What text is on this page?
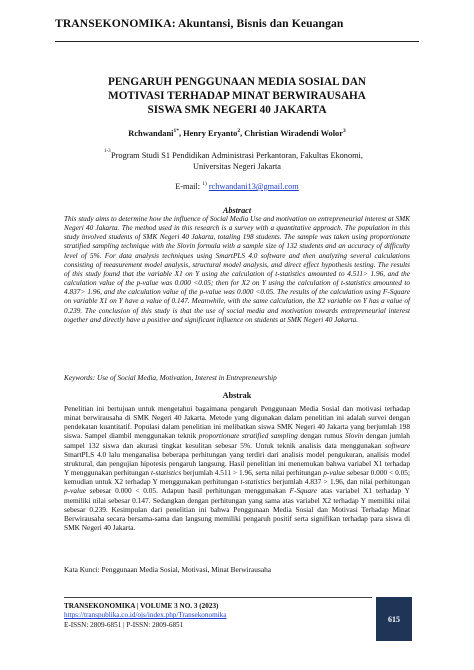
TRANSEKONOMIKA: Akuntansi, Bisnis dan Keuangan
PENGARUH PENGGUNAAN MEDIA SOSIAL DAN
MOTIVASI TERHADAP MINAT BERWIRAUSAHA
SISWA SMK NEGERI 40 JAKARTA
Rchwandani$^{1*}$, Henry Eryanto$^2$, Christian Wiradendi Wolor$^3$
1-3 Program Studi S1 Pendidikan Administrasi Perkantoran, Fakultas Ekonomi,
Universitas Negeri Jakarta
E-mail: $^{1)}$ rchwandani13@gmail.com
Abstract
This study aims to determine how the influence of Social Media Use and motivation on entrepreneurial interest at SMK Negeri 40 Jakarta. The method used in this research is a survey with a quantitative approach. The population in this study involved students of SMK Negeri 40 Jakarta, totaling 198 students. The sample was taken using proportionate stratified sampling technique with the Slovin formula with a sample size of 132 students and an accuracy of difficulty level of 5%. For data analysis techniques using SmartPLS 4.0 software and then analyzing several calculations consisting of measurement model analysis, structural model analysis, and direct effect hypothesis testing. The results of this study found that the variable X1 on Y using the calculation of t-statistics amounted to 4.511> 1.96, and the calculation value of the p-value was 0.000 <0.05; then for X2 on Y using the calculation of t-statistics amounted to 4.837> 1.96, and the calculation value of the p-value was 0.000 <0.05. The results of the calculation using F-Square on variable X1 on Y have a value of 0.147. Meanwhile, with the same calculation, the X2 variable on Y has a value of 0.239. The conclusion of this study is that the use of social media and motivation towards entrepreneurial interest together and directly have a positive and significant influence on students at SMK Negeri 40 Jakarta.
Keywords: Use of Social Media, Motivation, Interest in Entrepreneurship
Abstrak
Penelitian ini bertujuan untuk mengetahui bagaimana pengaruh Penggunaan Media Sosial dan motivasi terhadap minat berwirausaha di SMK Negeri 40 Jakarta. Metode yang digunakan dalam penelitian ini adalah survei dengan pendekatan kuantitatif. Populasi dalam penelitian ini melibatkan siswa SMK Negeri 40 Jakarta yang berjumlah 198 siswa. Sampel diambil menggunakan teknik proportionate stratified sampling dengan rumus Slovin dengan jumlah sampel 132 siswa dan akurasi tingkat kesulitan sebesar 5%. Untuk teknik analisis data menggunakan software SmartPLS 4.0 lalu menganalisa beberapa perhitungan yang terdiri dari analisis model pengukuran, analisis model struktural, dan pengujian hipotesis pengaruh langsung. Hasil penelitian ini menemukan bahwa variabel X1 terhadap Y menggunakan perhitungan t-statistics berjumlah 4.511 > 1.96, serta nilai perhitungan p-value sebesar 0.000 < 0.05; kemudian untuk X2 terhadap Y menggunakan perhitungan t-statistics berjumlah 4.837 > 1.96, dan nilai perhitungan p-value sebesar 0.000 < 0.05. Adapun hasil perhitungan menggunakan F-Square atas variabel X1 terhadap Y memiliki nilai sebesar 0.147. Sedangkan dengan perhitungan yang sama atas variabel X2 terhadap Y memiliki nilai sebesar 0.239. Kesimpulan dari penelitian ini bahwa Penggunaan Media Sosial dan Motivasi Terhadap Minat Berwirausaha secara bersama-sama dan langsung memiliki pengaruh positif serta signifikan terhadap para siswa di SMK Negeri 40 Jakarta.
Kata Kunci: Penggunaan Media Sosial, Motivasi, Minat Berwirausaha
TRANSEKONOMIKA | VOLUME 3 NO. 3 (2023)
https://transpublika.co.id/ojs/index.php/Transekonomika
E-ISSN: 2809-6851 | P-ISSN: 2809-6851
615
